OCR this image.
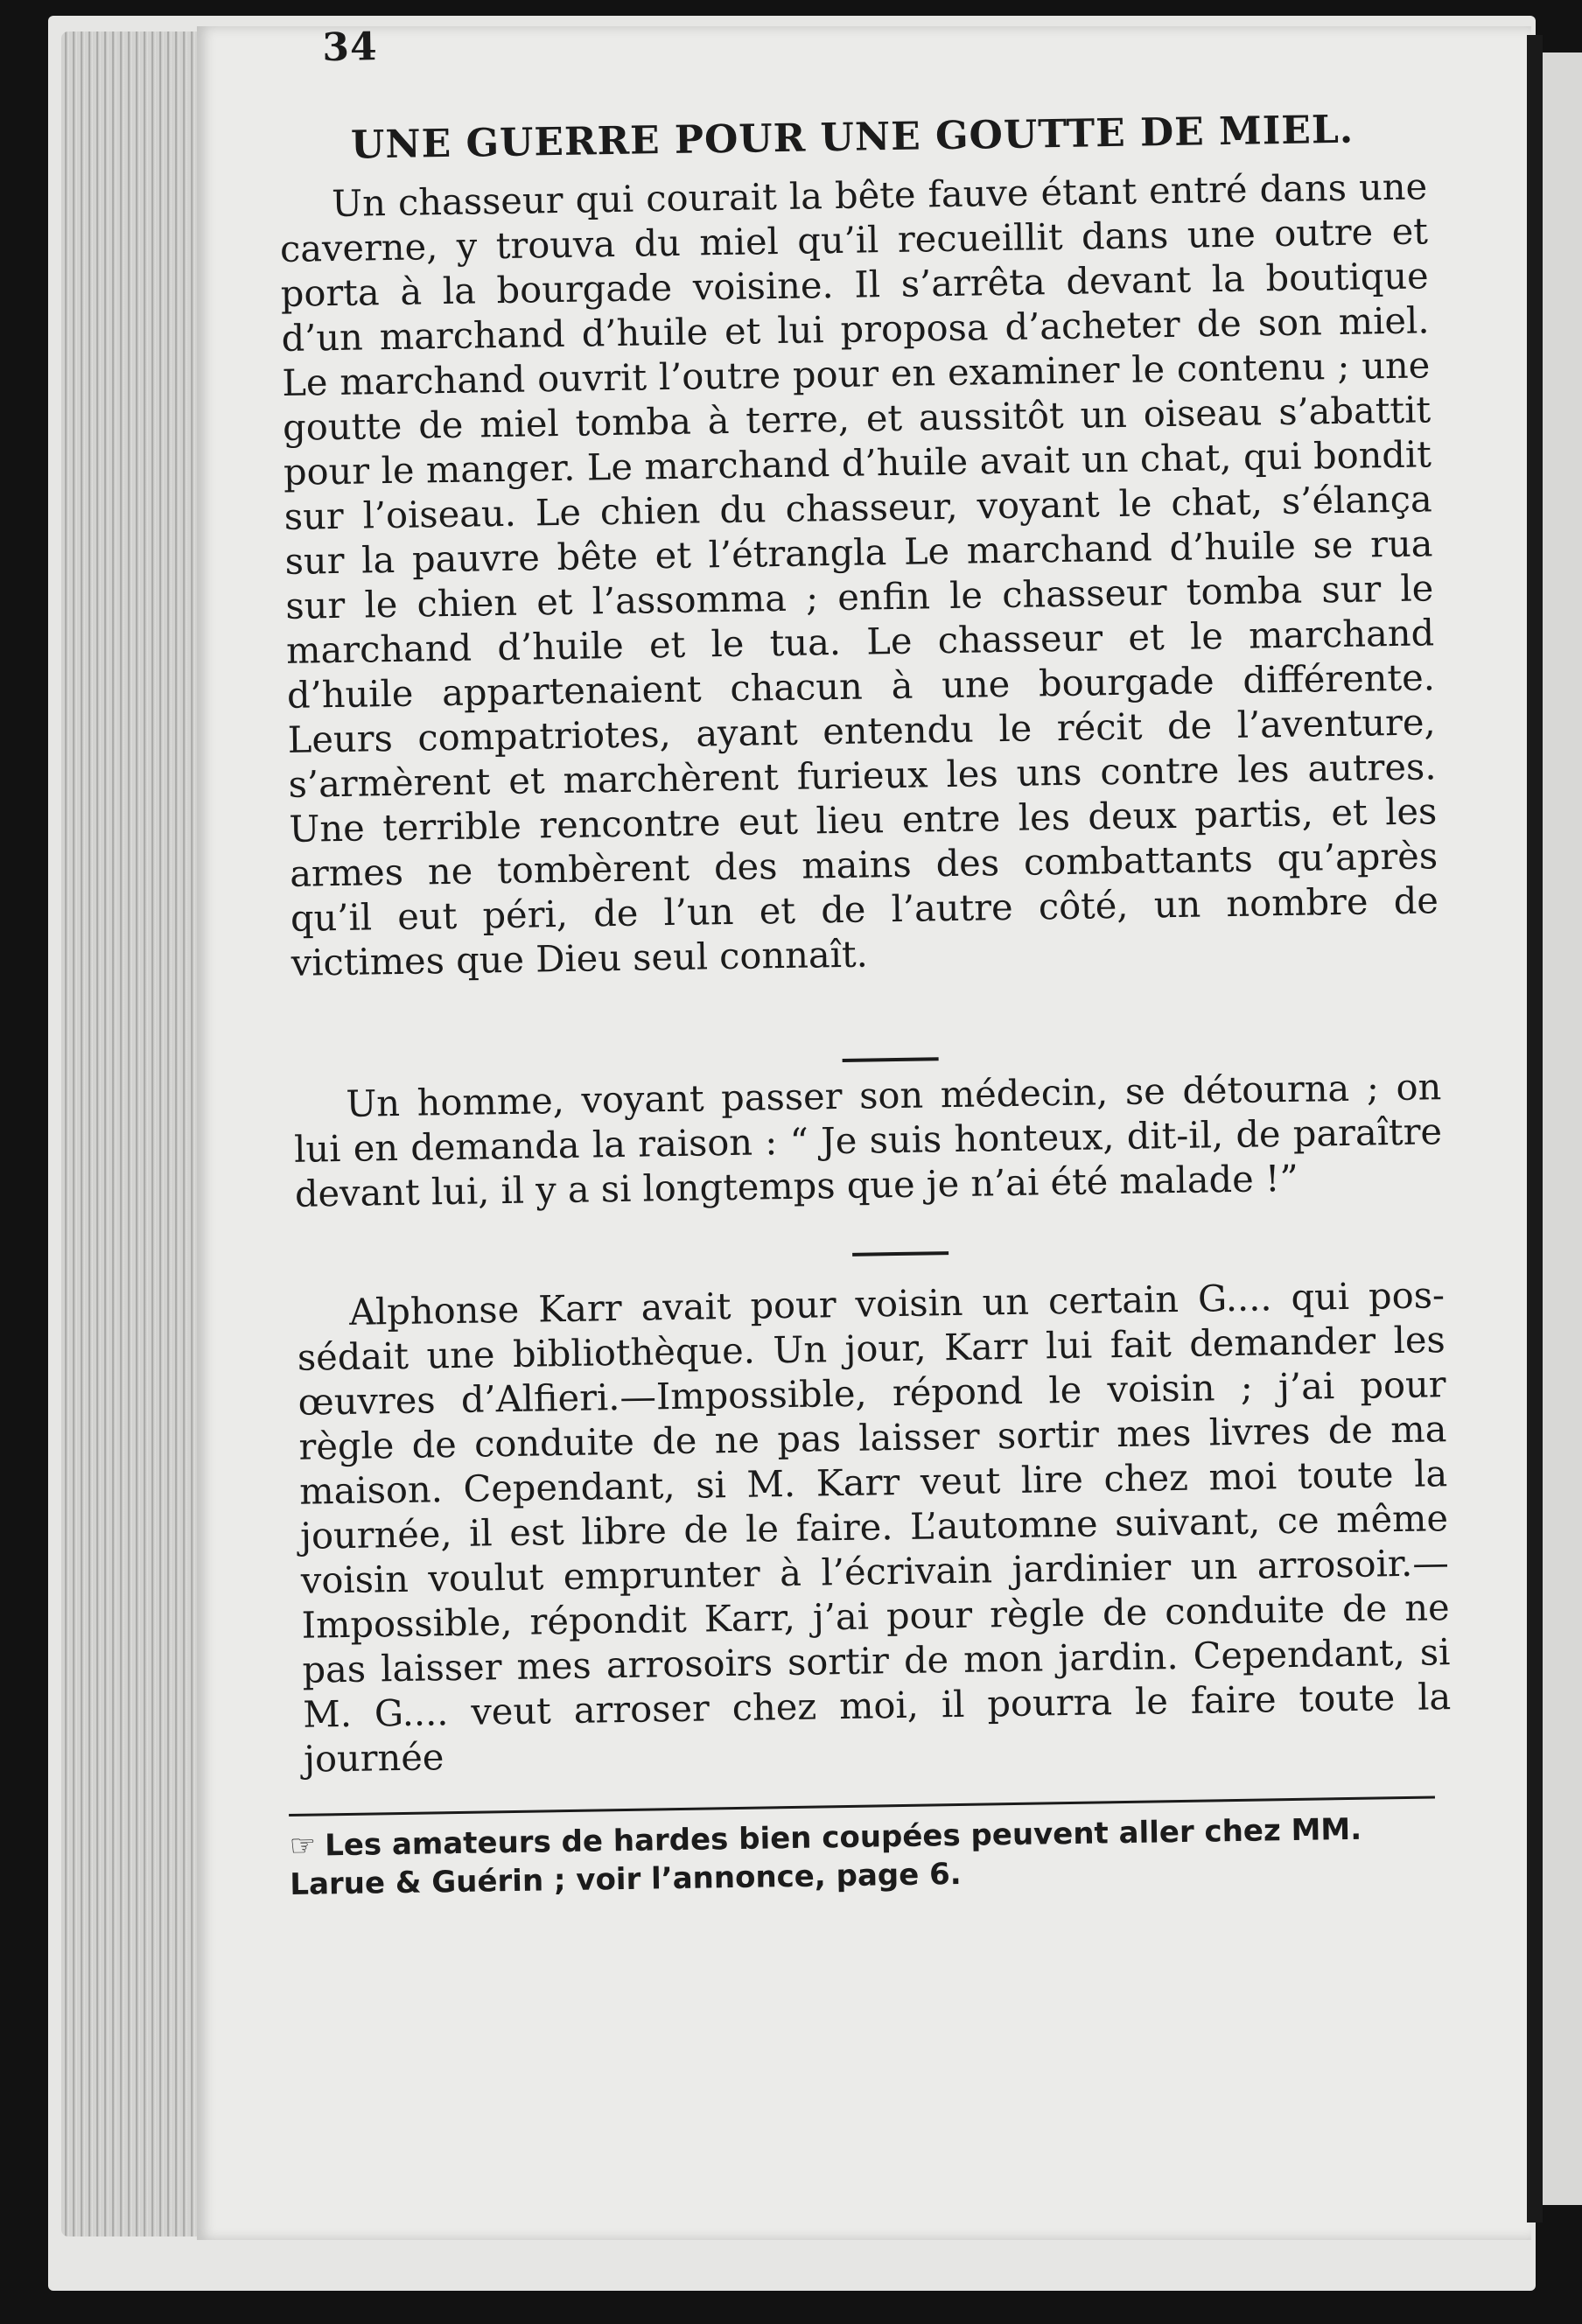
34
UNE GUERRE POUR UNE GOUTTE DE MIEL.

Un chasseur qui courait la bête fauve étant entré dans une caverne, y trouva du miel qu’il recueillit dans une outre et porta à la bourgade voisine. Il s’arrêta devant la boutique d’un marchand d’huile et lui proposa d’acheter de son miel. Le marchand ouvrit l’outre pour en examiner le contenu ; une goutte de miel tomba à terre, et aussitôt un oiseau s’abattit pour le manger. Le marchand d’huile avait un chat, qui bondit sur l’oiseau. Le chien du chasseur, voyant le chat, s’élança sur la pauvre bête et l’étrangla Le marchand d’huile se rua sur le chien et l’assomma ; enfin le chasseur tomba sur le marchand d’huile et le tua. Le chasseur et le marchand d’huile appartenaient chacun à une bourgade différente. Leurs compatriotes, ayant entendu le récit de l’aventure, s’armèrent et marchèrent furieux les uns contre les autres. Une terrible rencontre eut lieu entre les deux partis, et les armes ne tombèrent des mains des combattants qu’après qu’il eut péri, de l’un et de l’autre côté, un nombre de victimes que Dieu seul connaît.

Un homme, voyant passer son médecin, se détourna ; on lui en demanda la raison : “ Je suis honteux, dit-il, de paraître devant lui, il y a si longtemps que je n’ai été malade !”

Alphonse Karr avait pour voisin un certain G.... qui possédait une bibliothèque. Un jour, Karr lui fait demander les œuvres d’Alfieri.—Impossible, répond le voisin ; j’ai pour règle de conduite de ne pas laisser sortir mes livres de ma maison. Cependant, si M. Karr veut lire chez moi toute la journée, il est libre de le faire. L’automne suivant, ce même voisin voulut emprunter à l’écrivain jardinier un arrosoir.—Impossible, répondit Karr, j’ai pour règle de conduite de ne pas laisser mes arrosoirs sortir de mon jardin. Cependant, si M. G.... veut arroser chez moi, il pourra le faire toute la journée

☞ Les amateurs de hardes bien coupées peuvent aller chez MM. Larue & Guérin ; voir l’annonce, page 6.
